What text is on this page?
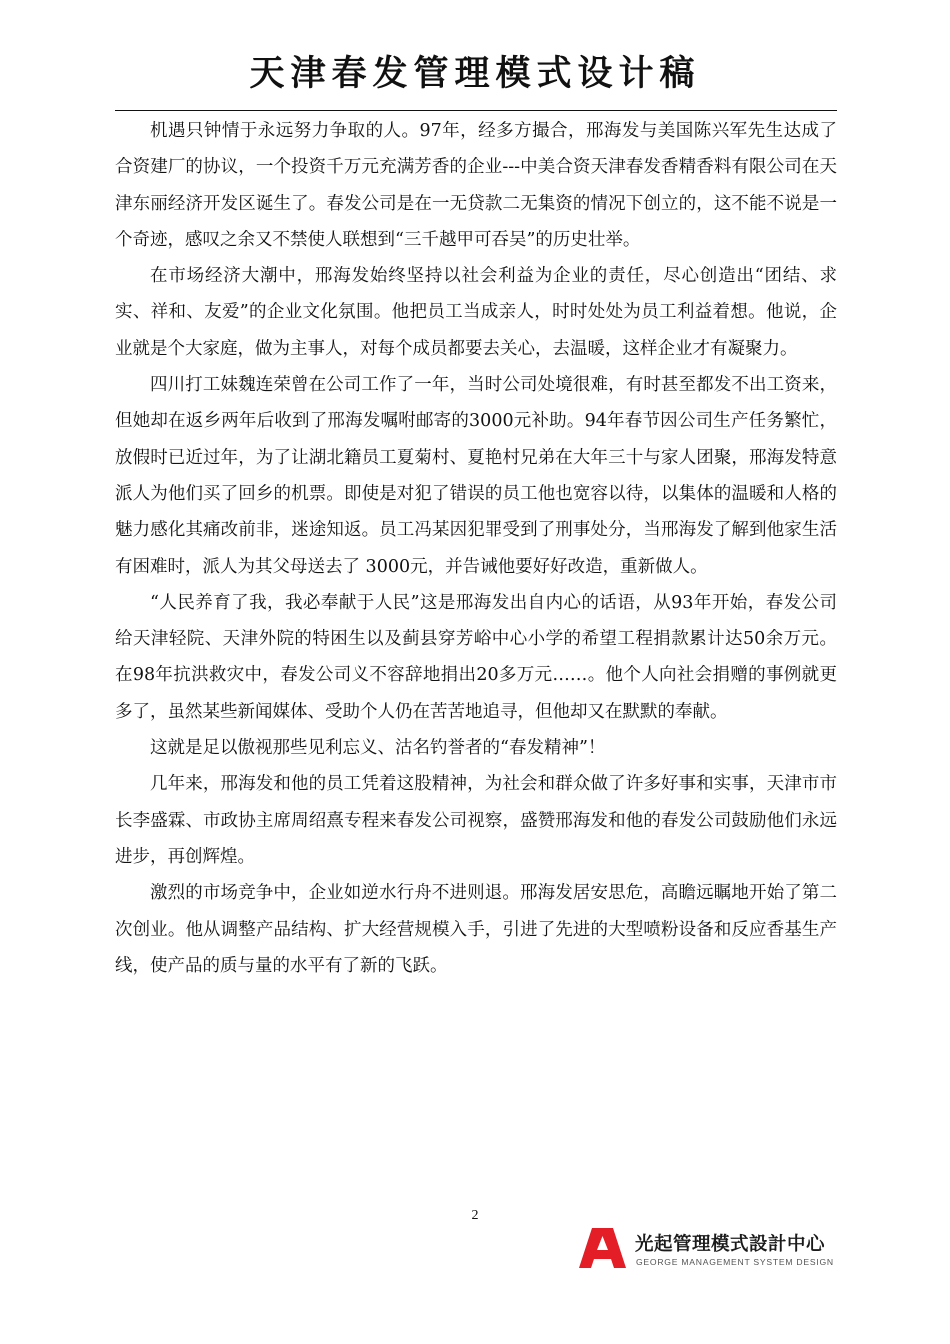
天津春发管理模式设计稿

机遇只钟情于永远努力争取的人。97年，经多方撮合，邢海发与美国陈兴军先生达成了合资建厂的协议，一个投资千万元充满芳香的企业---中美合资天津春发香精香料有限公司在天津东丽经济开发区诞生了。春发公司是在一无贷款二无集资的情况下创立的，这不能不说是一个奇迹，感叹之余又不禁使人联想到“三千越甲可吞吴”的历史壮举。

在市场经济大潮中，邢海发始终坚持以社会利益为企业的责任，尽心创造出“团结、求实、祥和、友爱”的企业文化氛围。他把员工当成亲人，时时处处为员工利益着想。他说，企业就是个大家庭，做为主事人，对每个成员都要去关心，去温暖，这样企业才有凝聚力。

四川打工妹魏连荣曾在公司工作了一年，当时公司处境很难，有时甚至都发不出工资来，但她却在返乡两年后收到了邢海发嘱咐邮寄的3000元补助。94年春节因公司生产任务繁忙，放假时已近过年，为了让湖北籍员工夏菊村、夏艳村兄弟在大年三十与家人团聚，邢海发特意派人为他们买了回乡的机票。即使是对犯了错误的员工他也宽容以待，以集体的温暖和人格的魅力感化其痛改前非，迷途知返。员工冯某因犯罪受到了刑事处分，当邢海发了解到他家生活有困难时，派人为其父母送去了 3000元，并告诫他要好好改造，重新做人。

“人民养育了我，我必奉献于人民”这是邢海发出自内心的话语，从93年开始，春发公司给天津轻院、天津外院的特困生以及蓟县穿芳峪中心小学的希望工程捐款累计达50余万元。在98年抗洪救灾中，春发公司义不容辞地捐出20多万元……。他个人向社会捐赠的事例就更多了，虽然某些新闻媒体、受助个人仍在苦苦地追寻，但他却又在默默的奉献。

这就是足以傲视那些见利忘义、沽名钓誉者的“春发精神”！

几年来，邢海发和他的员工凭着这股精神，为社会和群众做了许多好事和实事，天津市市长李盛霖、市政协主席周绍熹专程来春发公司视察，盛赞邢海发和他的春发公司鼓励他们永远进步，再创辉煌。

激烈的市场竞争中，企业如逆水行舟不进则退。邢海发居安思危，高瞻远瞩地开始了第二次创业。他从调整产品结构、扩大经营规模入手，引进了先进的大型喷粉设备和反应香基生产线，使产品的质与量的水平有了新的飞跃。

2
光起管理模式設計中心
GEORGE MANAGEMENT SYSTEM DESIGN
